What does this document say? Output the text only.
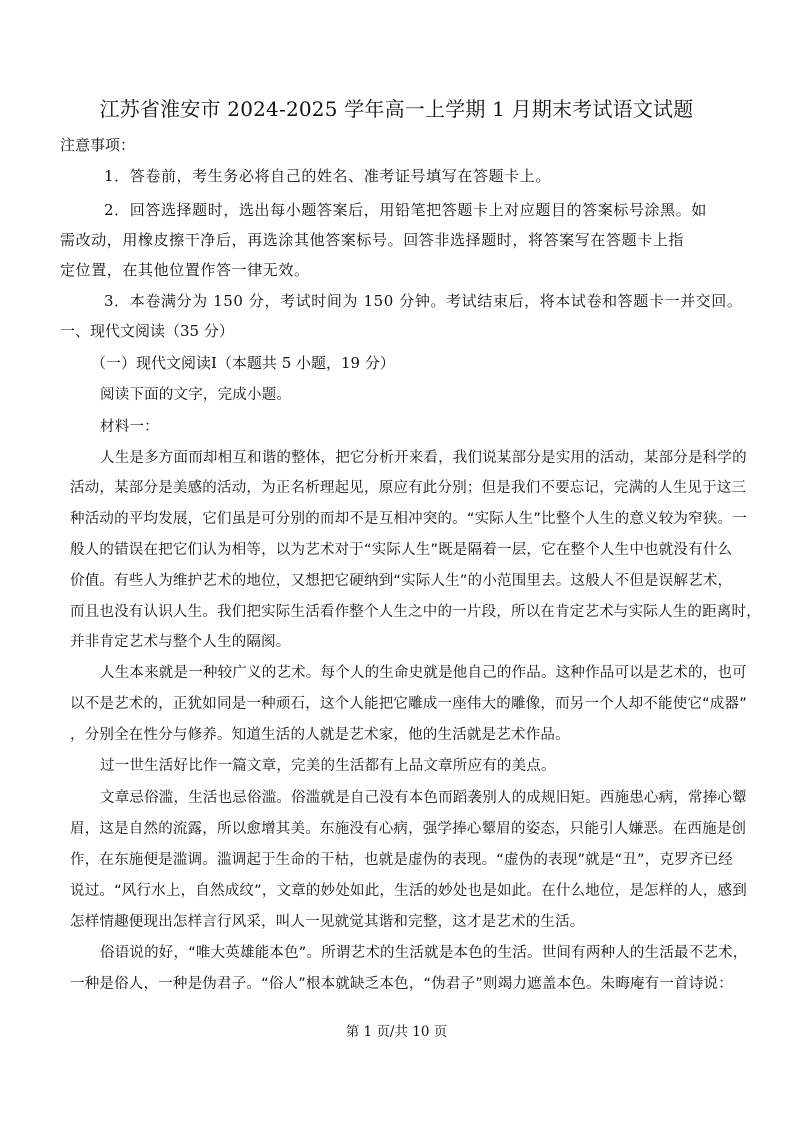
江苏省淮安市 2024-2025 学年高一上学期 1 月期末考试语文试题
注意事项：
1．答卷前，考生务必将自己的姓名、准考证号填写在答题卡上。
2．回答选择题时，选出每小题答案后，用铅笔把答题卡上对应题目的答案标号涂黑。如
需改动，用橡皮擦干净后，再选涂其他答案标号。回答非选择题时，将答案写在答题卡上指
定位置，在其他位置作答一律无效。
3．本卷满分为 150 分，考试时间为 150 分钟。考试结束后，将本试卷和答题卡一并交回。
一、现代文阅读（35 分）
（一）现代文阅读Ⅰ（本题共 5 小题，19 分）
阅读下面的文字，完成小题。
材料一：
人生是多方面而却相互和谐的整体，把它分析开来看，我们说某部分是实用的活动，某部分是科学的
活动，某部分是美感的活动，为正名析理起见，原应有此分别；但是我们不要忘记，完满的人生见于这三
种活动的平均发展，它们虽是可分别的而却不是互相冲突的。“实际人生”比整个人生的意义较为窄狭。一
般人的错误在把它们认为相等，以为艺术对于“实际人生”既是隔着一层，它在整个人生中也就没有什么
价值。有些人为维护艺术的地位，又想把它硬纳到“实际人生”的小范围里去。这般人不但是误解艺术，
而且也没有认识人生。我们把实际生活看作整个人生之中的一片段，所以在肯定艺术与实际人生的距离时，
并非肯定艺术与整个人生的隔阂。
人生本来就是一种较广义的艺术。每个人的生命史就是他自己的作品。这种作品可以是艺术的，也可
以不是艺术的，正犹如同是一种顽石，这个人能把它雕成一座伟大的雕像，而另一个人却不能使它“成器”
，分别全在性分与修养。知道生活的人就是艺术家，他的生活就是艺术作品。
过一世生活好比作一篇文章，完美的生活都有上品文章所应有的美点。
文章忌俗滥，生活也忌俗滥。俗滥就是自己没有本色而蹈袭别人的成规旧矩。西施患心病，常捧心颦
眉，这是自然的流露，所以愈增其美。东施没有心病，强学捧心颦眉的姿态，只能引人嫌恶。在西施是创
作，在东施便是滥调。滥调起于生命的干枯，也就是虚伪的表现。“虚伪的表现”就是“丑”，克罗齐已经
说过。“风行水上，自然成纹”，文章的妙处如此，生活的妙处也是如此。在什么地位，是怎样的人，感到
怎样情趣便现出怎样言行风采，叫人一见就觉其谐和完整，这才是艺术的生活。
俗语说的好，“唯大英雄能本色”。所谓艺术的生活就是本色的生活。世间有两种人的生活最不艺术，
一种是俗人，一种是伪君子。“俗人”根本就缺乏本色，“伪君子”则竭力遮盖本色。朱晦庵有一首诗说：
第 1 页/共 10 页
